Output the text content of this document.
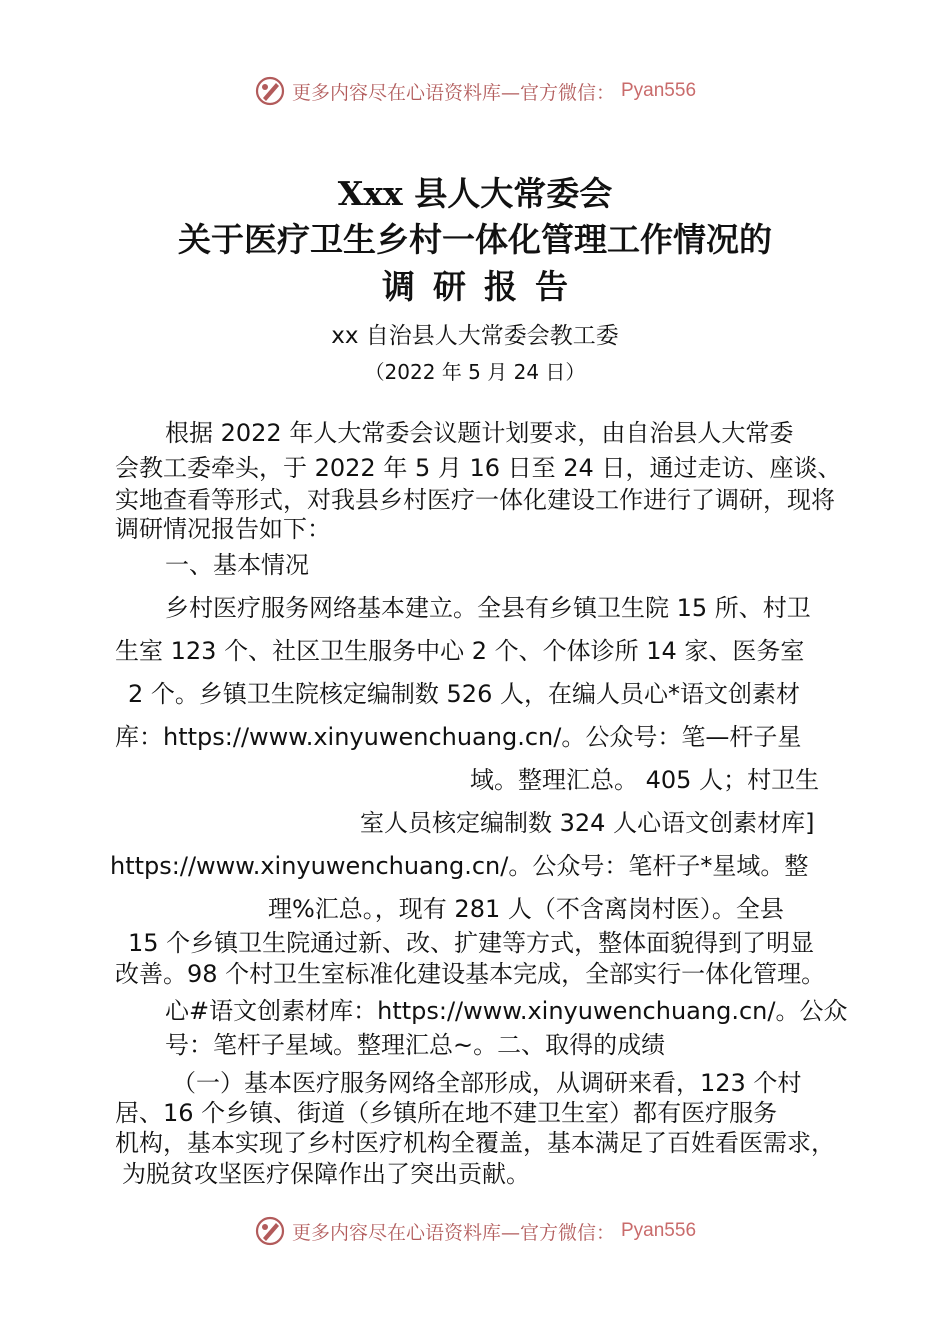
更多内容尽在心语资料库—官方微信： Pyan556
Xxx 县人大常委会
关于医疗卫生乡村一体化管理工作情况的
调研报告
xx 自治县人大常委会教工委
（2022 年 5 月 24 日）
根据 2022 年人大常委会议题计划要求，由自治县人大常委
会教工委牵头，于 2022 年 5 月 16 日至 24 日，通过走访、座谈、
实地查看等形式，对我县乡村医疗一体化建设工作进行了调研，现将
调研情况报告如下：
一、基本情况
乡村医疗服务网络基本建立。全县有乡镇卫生院 15 所、村卫
生室 123 个、社区卫生服务中心 2 个、个体诊所 14 家、医务室
2 个。乡镇卫生院核定编制数 526 人，在编人员心*语文创素材
库：https://www.xinyuwenchuang.cn/。公众号：笔—杆子星
域。整理汇总。 405 人；村卫生
室人员核定编制数 324 人心语文创素材库]
https://www.xinyuwenchuang.cn/。公众号：笔杆子*星域。整
理%汇总。，现有 281 人（不含离岗村医）。全县
15 个乡镇卫生院通过新、改、扩建等方式，整体面貌得到了明显
改善。98 个村卫生室标准化建设基本完成，全部实行一体化管理。
心#语文创素材库：https://www.xinyuwenchuang.cn/。公众
号：笔杆子星域。整理汇总~。二、取得的成绩
（一）基本医疗服务网络全部形成，从调研来看，123 个村
居、16 个乡镇、街道（乡镇所在地不建卫生室）都有医疗服务
机构，基本实现了乡村医疗机构全覆盖，基本满足了百姓看医需求，
为脱贫攻坚医疗保障作出了突出贡献。
更多内容尽在心语资料库—官方微信： Pyan556
